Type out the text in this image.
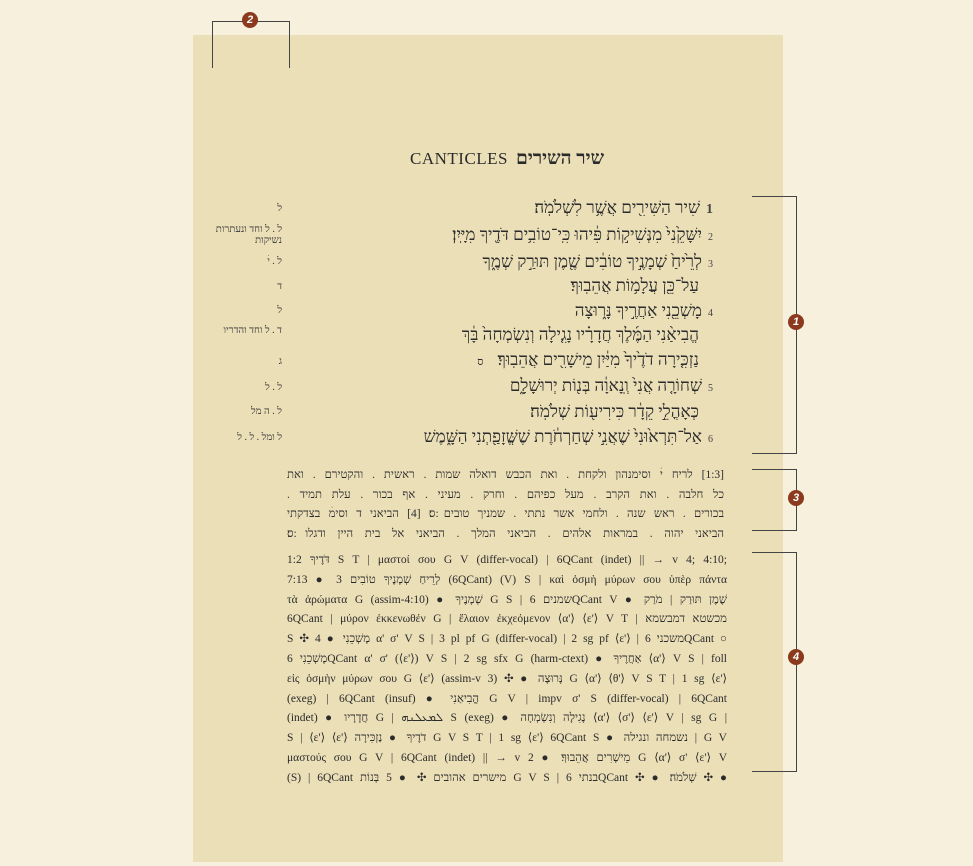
2
CANTICLES שיר השירים
1שִׁיר הַשִּׁירִ֖ים אֲשֶׁ֥ר לִשְׁלֹמֹֽה׃
2יִשָּׁקֵ֙נִי֙ מִנְּשִׁיק֣וֹת פִּ֔יהוּ כִּֽי־טוֹבִ֥ים דֹּדֶ֖יךָ מִיָּֽיִן׃
3לְרֵ֙יחַ֙ שְׁמָנֶ֣יךָ טוֹבִ֔ים שֶׁ֖מֶן תּוּרַ֣ק שְׁמֶ֑ךָ
עַל־כֵּ֖ן עֲלָמ֥וֹת אֲהֵבֽוּךָ׃
4מָשְׁכֵ֖נִי אַחֲרֶ֣יךָ נָּר֑וּצָה
הֱבִיאַ֨נִי הַמֶּ֜לֶךְ חֲדָרָ֗יו נָגִ֤ילָה וְנִשְׂמְחָה֙ בָּ֔ךְ
נַזְכִּ֤ירָה דֹדֶ֙יךָ֙ מִיַּ֔יִן מֵישָׁרִ֖ים אֲהֵבֽוּךָ׃ס
5שְׁחוֹרָ֤ה אֲנִי֙ וְֽנָאוָ֔ה בְּנ֖וֹת יְרוּשָׁלִָ֑ם
כְּאָהֳלֵ֣י קֵדָ֔ר כִּירִיע֖וֹת שְׁלֹמֹֽה׃
6אַל־תִּרְא֙וּנִי֙ שֶׁאֲנִ֣י שְׁחַרְחֹ֔רֶת שֶׁשֱּׁזָפַ֖תְנִי הַשָּׁ֑מֶשׁ
ל
ל . ל וחד ונעתרות נשיקות
ל . יׄ
ד
ל
ד . ל וחד והדריו
ג
ל . ל
ל . ה מל
ל ומל . ל . ל
[1:3] לריח יׄ וסימנהון ולקחת . ואת הכבש דואלה שמות . ראשית . והקטירם . ואת
כל חלבה . ואת הקרב . מעל כפיהם . וחרק . מעיני . אף בכור . עלת תמיד .
בכורים . ראש שנה . ולחמי אשר נתתי . שמניך טובים ׃ס׃ [4] הביאני ד וסימׄ בצדקתי
הביאני יהוה . במראות אלהים . הביאני המלך . הביאני אל בית היין ודגלו ׃ס׃
1:2 דֹּדֶיךָ S T | μαστοί σου G V (differ-vocal) | 6QCant (indet) || → v 4; 4:10;
7:13 ● 3 לְרֵיחַ שְׁמָנֶיךָ טוֹבִים (6QCant) (V) S | καὶ ὀσμὴ μύρων σου ὑπὲρ πάντα
τὰ ἀρώματα G (assim-4:10) ● שְׁמָנֶיךָ G S | שמנים 6QCant V ● שֶׁמֶן תּוּרַק | מֹרַק
6QCant | μύρον ἐκκενωθέν G | ἔλαιον ἐκχεόμενον ⟨α'⟩ ⟨ε'⟩ V T | מכשטא דמבשמא
S ✣ 4 ● מָשְׁכֵנִי α' σ' V S | 3 pl pf G (differ-vocal) | 2 sg pf ⟨ε'⟩ | משכני 6QCant ○
מָשְׁכֵנִי 6QCant α' σ' (⟨ε'⟩) V S | 2 sg sfx G (harm-ctext) ● אַחֲרֶיךָ ⟨α'⟩ V S | foll
εἰς ὀσμὴν μύρων σου G ⟨ε'⟩ (assim-v 3) ✣ ● נָּרוּצָה G ⟨α'⟩ ⟨θ'⟩ V S T | 1 sg ⟨ε'⟩
(exeg) | 6QCant (insuf) ● הֱבִיאַנִי G V | impv σ' S (differ-vocal) | 6QCant
(indet) ● חֲדָרָיו G | ܠܡܥܠܢܗ S (exeg) ● נָגִילָה וְנִשְׂמְחָה ⟨α'⟩ ⟨σ'⟩ ⟨ε'⟩ V | sg G |
S | ⟨ε'⟩ ⟨ε'⟩ דֹדֶיךָ ● נַזְכִּירָה G V S T | 1 sg ⟨ε'⟩ 6QCant S ● נשמחה ונגילה | G V
μαστούς σου G V | 6QCant (indet) || → v 2 ● מֵישָׁרִים אֲהֵבוּךָ׃ G ⟨α'⟩ σ' ⟨ε'⟩ V
(S) | 6QCant מישרים אהובים ✣ ● 5 בְּנוֹת G V S | בנתי 6QCant ✣ ● שְׁלֹמֹה׃ ✣ ●
1
3
4
